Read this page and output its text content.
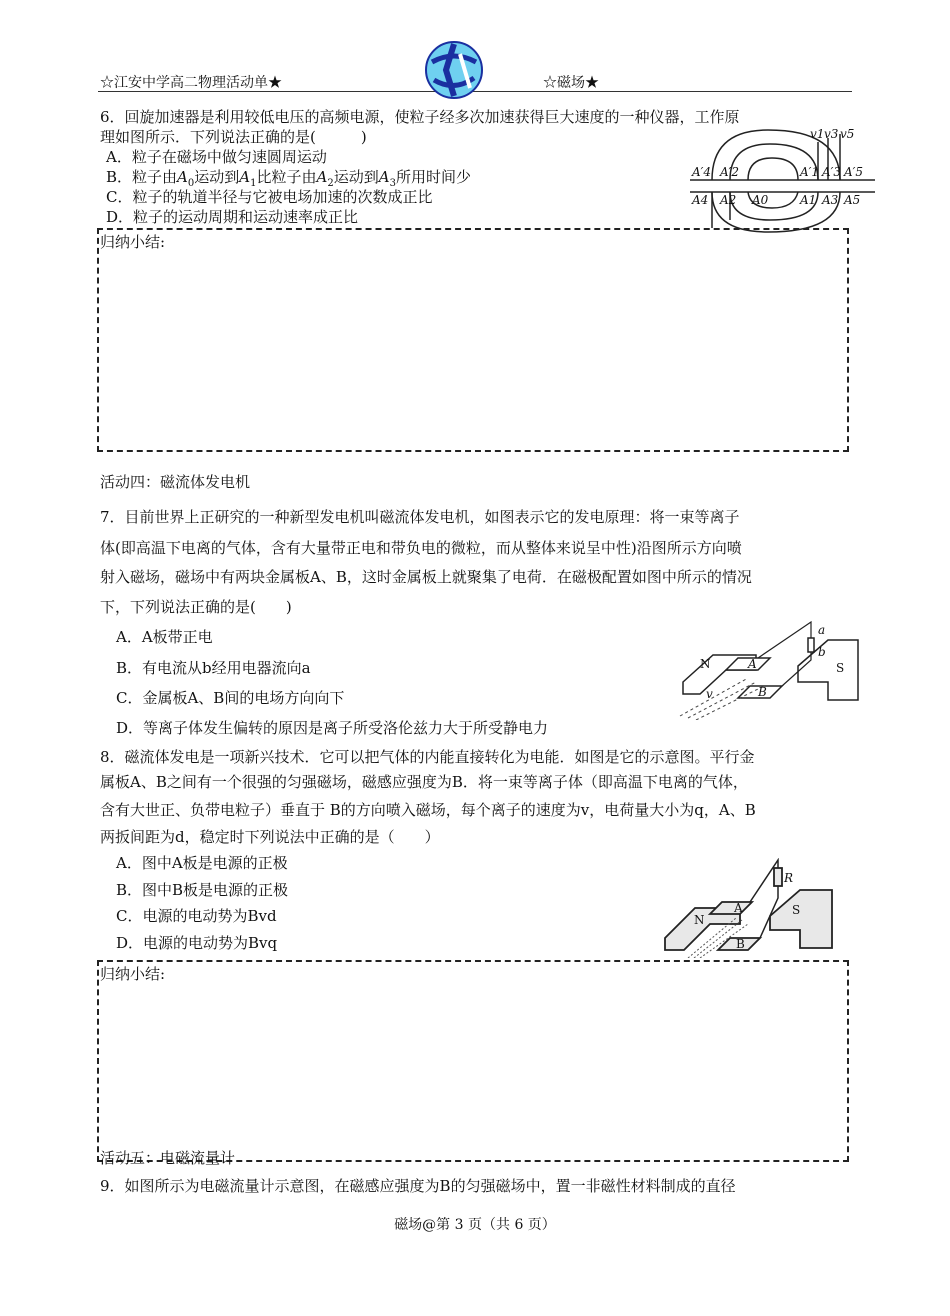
☆江安中学高二物理活动单★	☆磁场★
6．回旋加速器是利用较低电压的高频电源，使粒子经多次加速获得巨大速度的一种仪器，工作原
理如图所示．下列说法正确的是(　　　)
A．粒子在磁场中做匀速圆周运动
B．粒子由$A_0$运动到$A_1$比粒子由$A_2$运动到$A_3$所用时间少
C．粒子的轨道半径与它被电场加速的次数成正比
D．粒子的运动周期和运动速率成正比
v1 v3 v5
A′4 A′2	A′1 A′3 A′5
A4 A2 A0	A1 A3 A5
归纳小结:
活动四：磁流体发电机
7．目前世界上正研究的一种新型发电机叫磁流体发电机，如图表示它的发电原理：将一束等离子
体(即高温下电离的气体，含有大量带正电和带负电的微粒，而从整体来说呈中性)沿图所示方向喷
射入磁场，磁场中有两块金属板A、B，这时金属板上就聚集了电荷．在磁极配置如图中所示的情况
下，下列说法正确的是(　　)
A．A板带正电
B．有电流从b经用电器流向a
C．金属板A、B间的电场方向向下
D．等离子体发生偏转的原因是离子所受洛伦兹力大于所受静电力
N	S
A
B
a
b
v
8．磁流体发电是一项新兴技术．它可以把气体的内能直接转化为电能．如图是它的示意图。平行金
属板A、B之间有一个很强的匀强磁场，磁感应强度为B．将一束等离子体（即高温下电离的气体，
含有大世正、负带电粒子）垂直于 B的方向喷入磁场，每个离子的速度为v，电荷量大小为q，A、B
两扳间距为d，稳定时下列说法中正确的是（　　）
A．图中A板是电源的正极
B．图中B板是电源的正极
C．电源的电动势为Bvd
D．电源的电动势为Bvq
N
S
A
B
R
归纳小结:
活动五：电磁流量计
9．如图所示为电磁流量计示意图，在磁感应强度为B的匀强磁场中，置一非磁性材料制成的直径
磁场@第 3 页（共 6 页）
